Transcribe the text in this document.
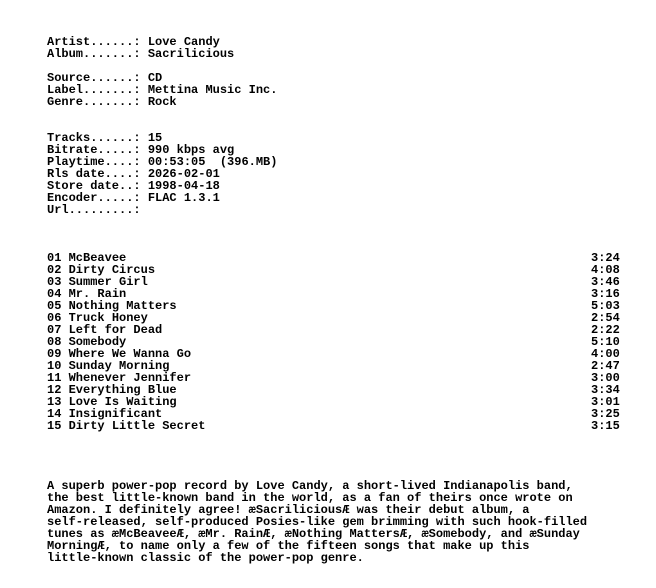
Artist......: Love Candy
Album.......: Sacrilicious
Source......: CD
Label.......: Mettina Music Inc.
Genre.......: Rock
Tracks......: 15
Bitrate.....: 990 kbps avg
Playtime....: 00:53:05  (396.MB)
Rls date....: 2026-02-01
Store date..: 1998-04-18
Encoder.....: FLAC 1.3.1
Url.........:
01 McBeavee	3:24
02 Dirty Circus	4:08
03 Summer Girl	3:46
04 Mr. Rain	3:16
05 Nothing Matters	5:03
06 Truck Honey	2:54
07 Left for Dead	2:22
08 Somebody	5:10
09 Where We Wanna Go	4:00
10 Sunday Morning	2:47
11 Whenever Jennifer	3:00
12 Everything Blue	3:34
13 Love Is Waiting	3:01
14 Insignificant	3:25
15 Dirty Little Secret	3:15
A superb power-pop record by Love Candy, a short-lived Indianapolis band,
the best little-known band in the world, as a fan of theirs once wrote on
Amazon. I definitely agree! æSacriliciousÆ was their debut album, a
self-released, self-produced Posies-like gem brimming with such hook-filled
tunes as æMcBeaveeÆ, æMr. RainÆ, æNothing MattersÆ, æSomebody, and æSunday
MorningÆ, to name only a few of the fifteen songs that make up this
little-known classic of the power-pop genre.
